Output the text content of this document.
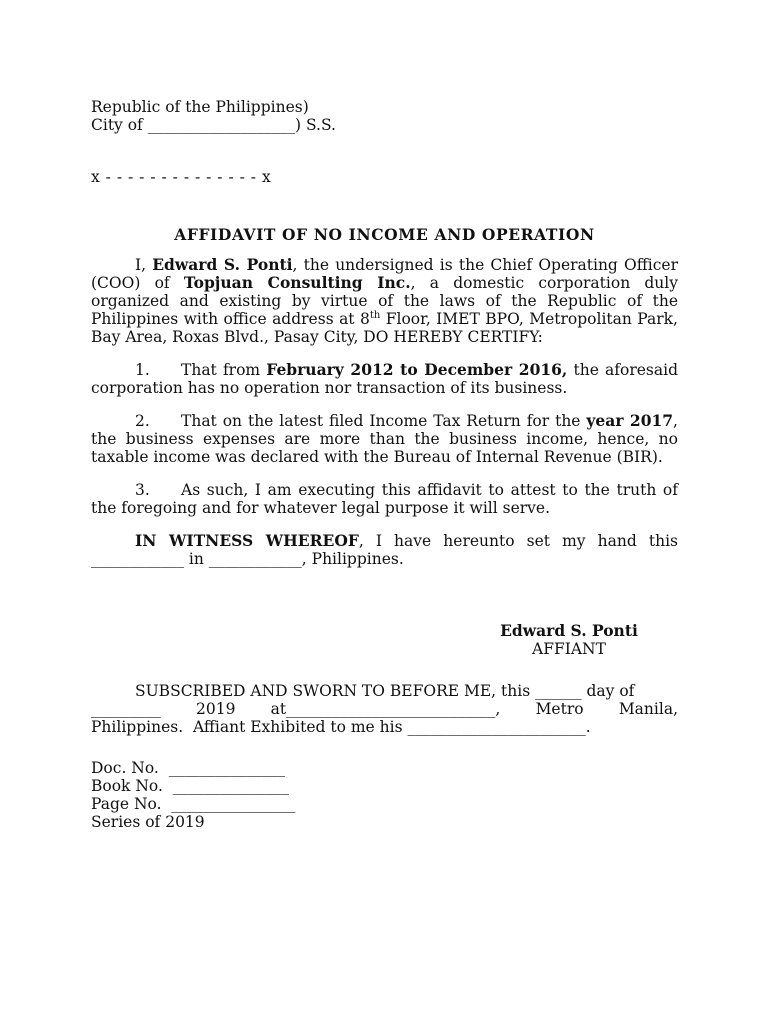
Republic of the Philippines)
City of ___________________) S.S.
x - - - - - - - - - - - - - - x
AFFIDAVIT OF NO INCOME AND OPERATION
I, Edward S. Ponti, the undersigned is the Chief Operating Officer (COO) of Topjuan Consulting Inc., a domestic corporation duly organized and existing by virtue of the laws of the Republic of the Philippines with office address at 8th Floor, IMET BPO, Metropolitan Park, Bay Area, Roxas Blvd., Pasay City, DO HEREBY CERTIFY:
1. That from February 2012 to December 2016, the aforesaid corporation has no operation nor transaction of its business.
2. That on the latest filed Income Tax Return for the year 2017, the business expenses are more than the business income, hence, no taxable income was declared with the Bureau of Internal Revenue (BIR).
3. As such, I am executing this affidavit to attest to the truth of the foregoing and for whatever legal purpose it will serve.
IN WITNESS WHEREOF, I have hereunto set my hand this ____________ in ____________, Philippines.
Edward S. Ponti
AFFIANT
SUBSCRIBED AND SWORN TO BEFORE ME, this ______ day of
_________ 2019 at___________________________, Metro Manila,
Philippines.  Affiant Exhibited to me his _______________________.
Doc. No.  _______________
Book No.  _______________
Page No.  ________________
Series of 2019
